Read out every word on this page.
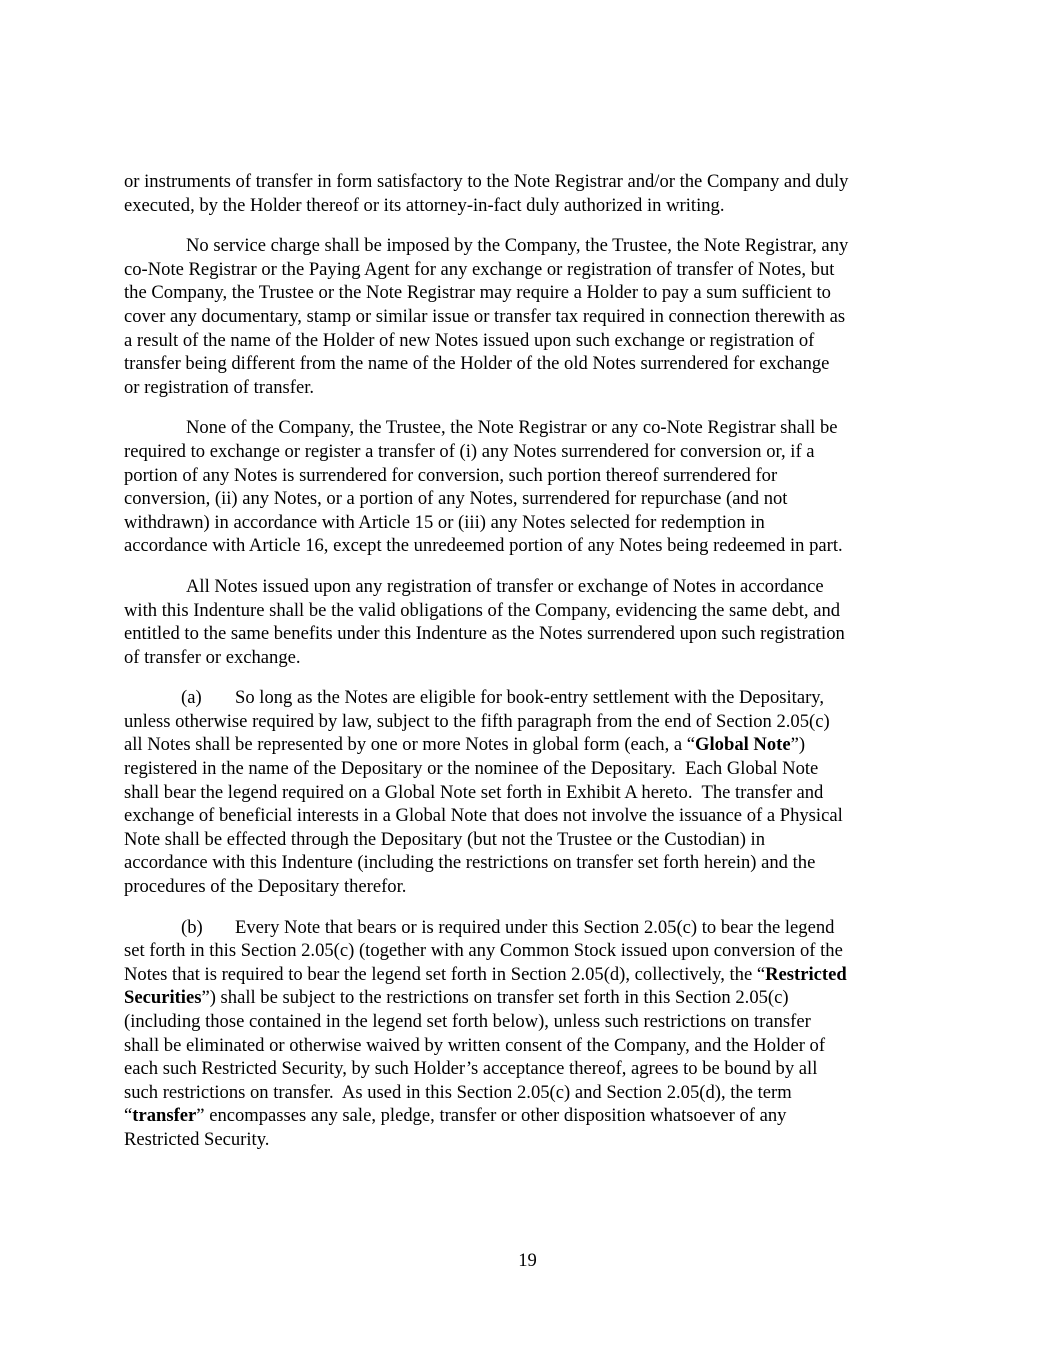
or instruments of transfer in form satisfactory to the Note Registrar and/or the Company and duly
executed, by the Holder thereof or its attorney-in-fact duly authorized in writing.

No service charge shall be imposed by the Company, the Trustee, the Note Registrar, any
co-Note Registrar or the Paying Agent for any exchange or registration of transfer of Notes, but
the Company, the Trustee or the Note Registrar may require a Holder to pay a sum sufficient to
cover any documentary, stamp or similar issue or transfer tax required in connection therewith as
a result of the name of the Holder of new Notes issued upon such exchange or registration of
transfer being different from the name of the Holder of the old Notes surrendered for exchange
or registration of transfer.

None of the Company, the Trustee, the Note Registrar or any co-Note Registrar shall be
required to exchange or register a transfer of (i) any Notes surrendered for conversion or, if a
portion of any Notes is surrendered for conversion, such portion thereof surrendered for
conversion, (ii) any Notes, or a portion of any Notes, surrendered for repurchase (and not
withdrawn) in accordance with Article 15 or (iii) any Notes selected for redemption in
accordance with Article 16, except the unredeemed portion of any Notes being redeemed in part.

All Notes issued upon any registration of transfer or exchange of Notes in accordance
with this Indenture shall be the valid obligations of the Company, evidencing the same debt, and
entitled to the same benefits under this Indenture as the Notes surrendered upon such registration
of transfer or exchange.

(a) So long as the Notes are eligible for book-entry settlement with the Depositary,
unless otherwise required by law, subject to the fifth paragraph from the end of Section 2.05(c)
all Notes shall be represented by one or more Notes in global form (each, a “Global Note”)
registered in the name of the Depositary or the nominee of the Depositary.  Each Global Note
shall bear the legend required on a Global Note set forth in Exhibit A hereto.  The transfer and
exchange of beneficial interests in a Global Note that does not involve the issuance of a Physical
Note shall be effected through the Depositary (but not the Trustee or the Custodian) in
accordance with this Indenture (including the restrictions on transfer set forth herein) and the
procedures of the Depositary therefor.

(b) Every Note that bears or is required under this Section 2.05(c) to bear the legend
set forth in this Section 2.05(c) (together with any Common Stock issued upon conversion of the
Notes that is required to bear the legend set forth in Section 2.05(d), collectively, the “Restricted
Securities”) shall be subject to the restrictions on transfer set forth in this Section 2.05(c)
(including those contained in the legend set forth below), unless such restrictions on transfer
shall be eliminated or otherwise waived by written consent of the Company, and the Holder of
each such Restricted Security, by such Holder’s acceptance thereof, agrees to be bound by all
such restrictions on transfer.  As used in this Section 2.05(c) and Section 2.05(d), the term
“transfer” encompasses any sale, pledge, transfer or other disposition whatsoever of any
Restricted Security.

19
